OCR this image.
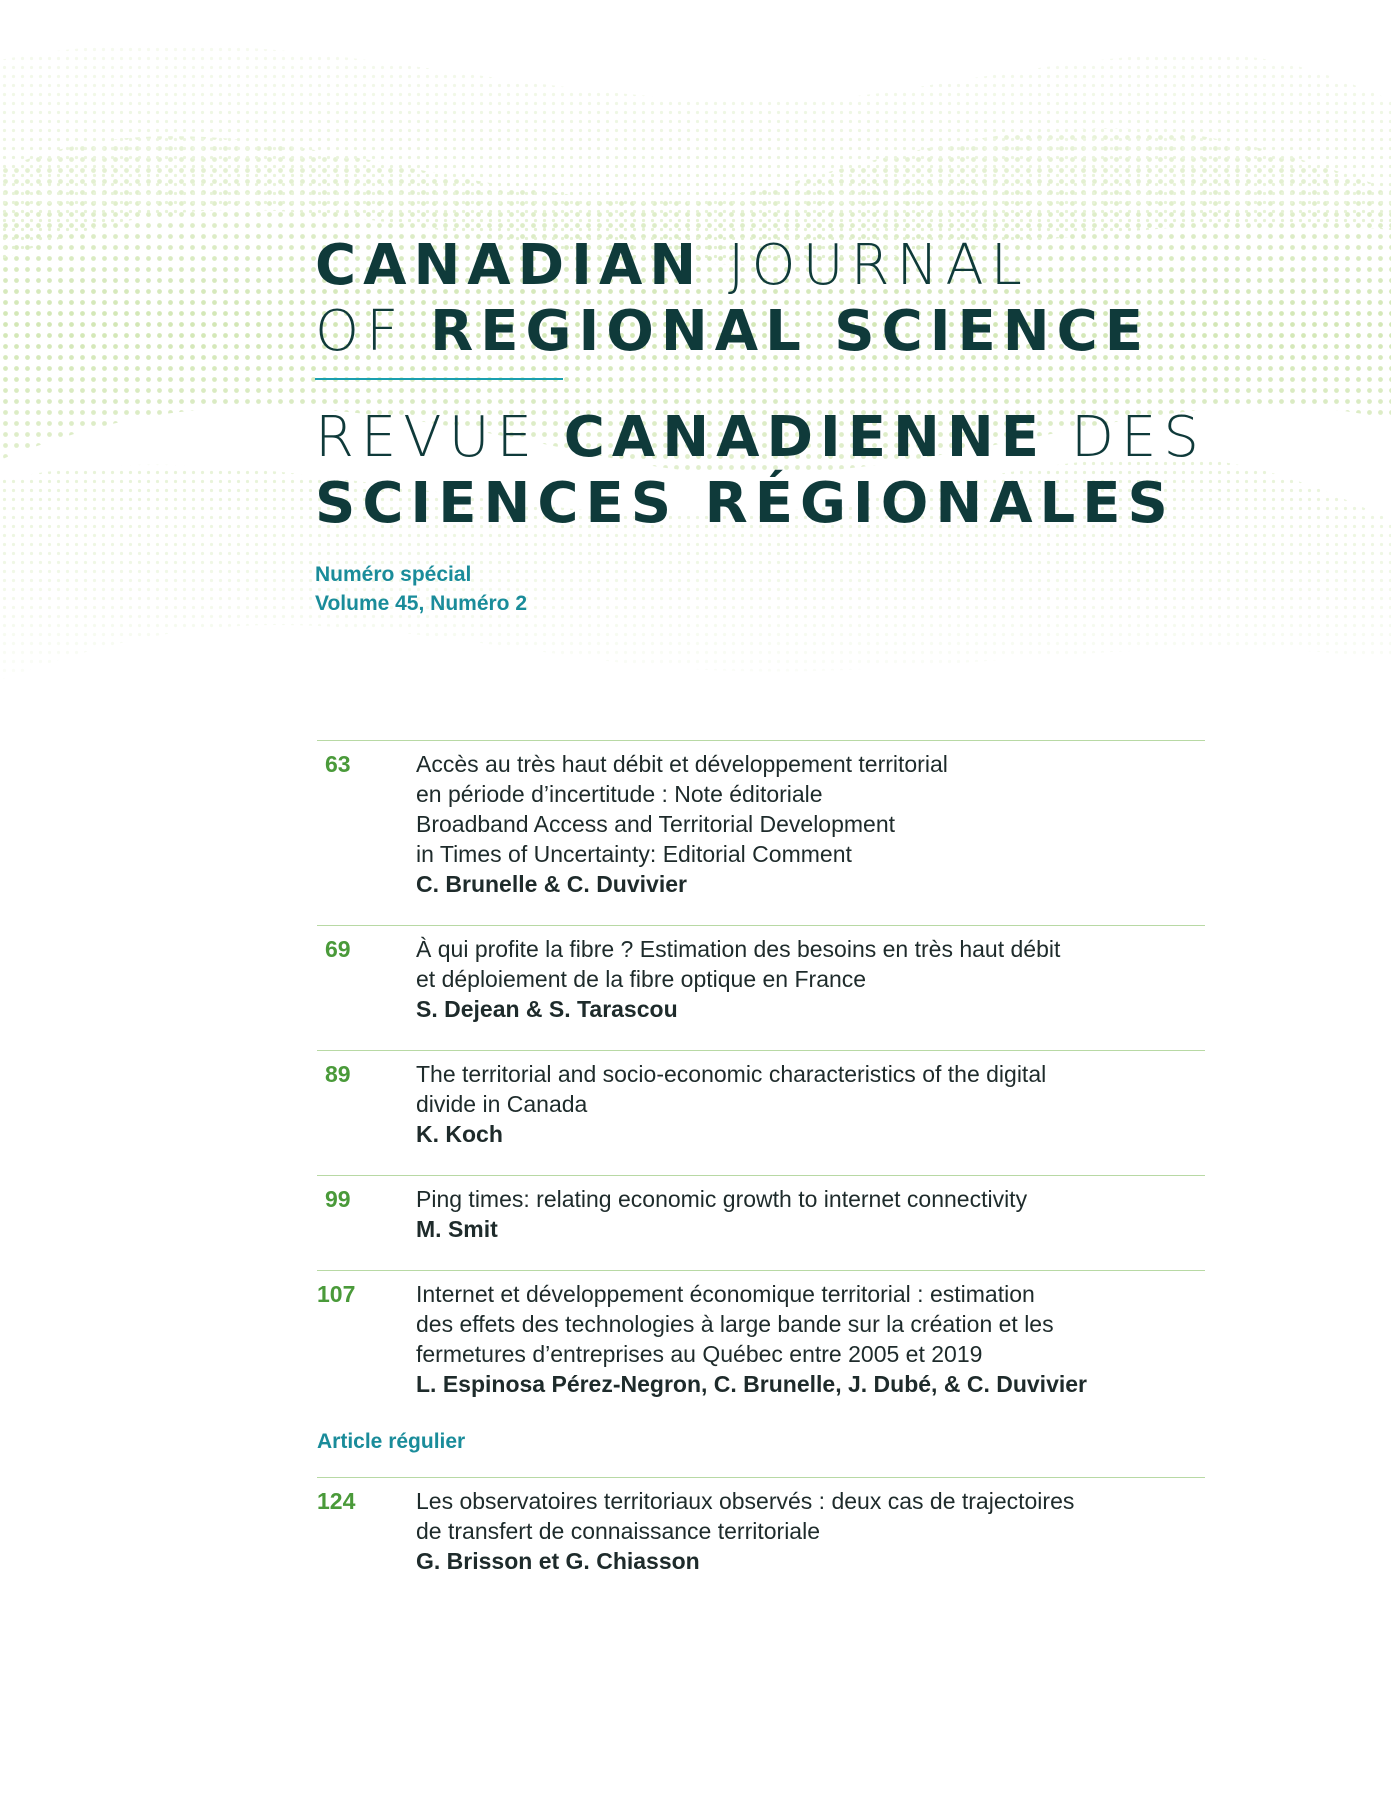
CANADIAN JOURNAL
OF REGIONAL SCIENCE
REVUE CANADIENNE DES
SCIENCES RÉGIONALES
Numéro spécial
Volume 45, Numéro 2
63	Accès au très haut débit et développement territorial
en période d’incertitude : Note éditoriale
Broadband Access and Territorial Development
in Times of Uncertainty: Editorial Comment
C. Brunelle & C. Duvivier
69	À qui profite la fibre ? Estimation des besoins en très haut débit
et déploiement de la fibre optique en France
S. Dejean & S. Tarascou
89	The territorial and socio-economic characteristics of the digital
divide in Canada
K. Koch
99	Ping times: relating economic growth to internet connectivity
M. Smit
107	Internet et développement économique territorial : estimation
des effets des technologies à large bande sur la création et les
fermetures d’entreprises au Québec entre 2005 et 2019
L. Espinosa Pérez-Negron, C. Brunelle, J. Dubé, & C. Duvivier
Article régulier
124	Les observatoires territoriaux observés : deux cas de trajectoires
de transfert de connaissance territoriale
G. Brisson et G. Chiasson
